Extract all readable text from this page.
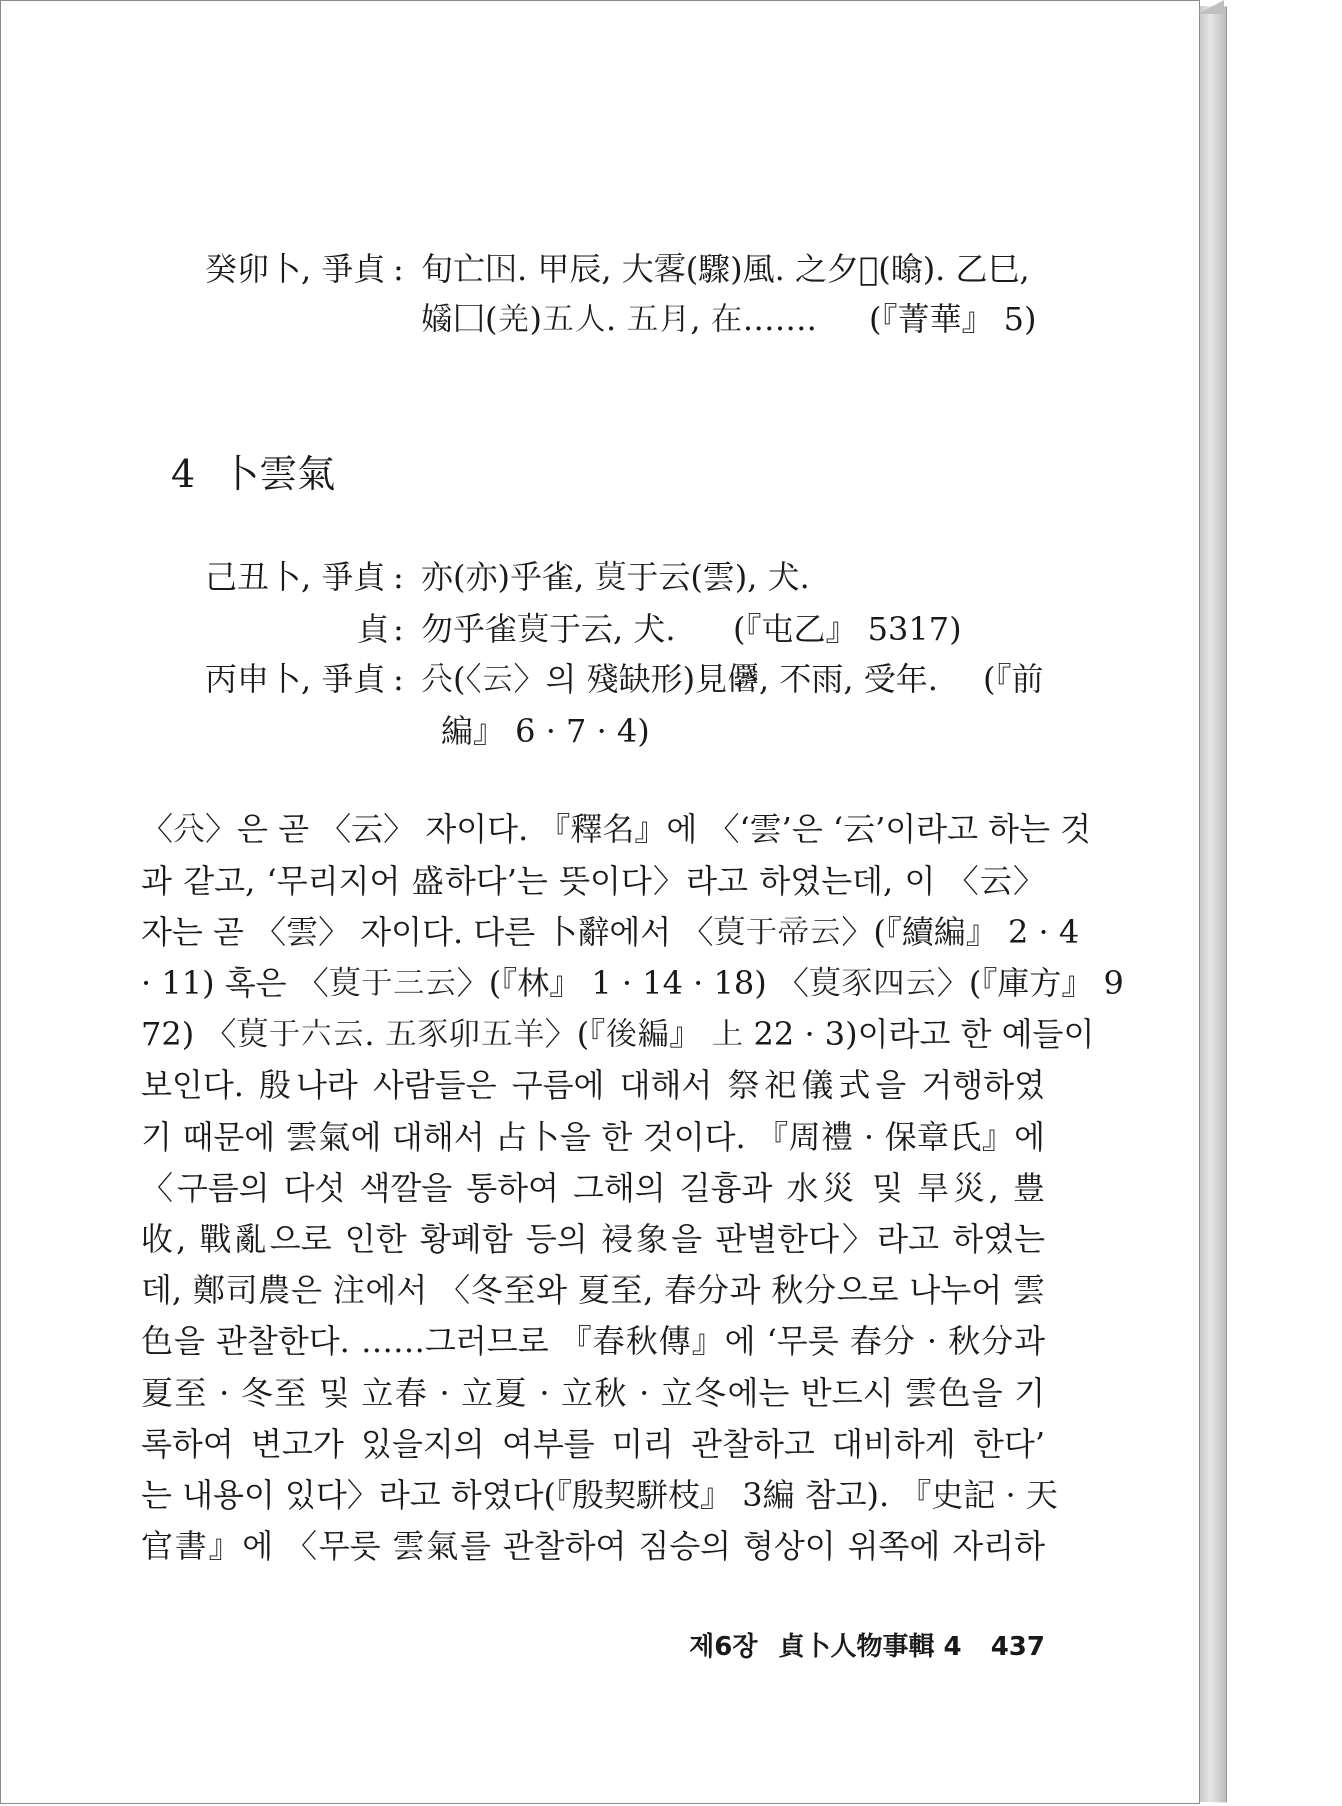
癸卯卜, 爭貞 : 旬亡𡆥. 甲辰, 大𩂣(驟)風. 之夕𡕥(㬛). 乙巳,
𡡗囗(羌)五人. 五月, 在……. (『菁華』 5)
4 卜雲氣
己丑卜, 爭貞 : 亦(亦)乎雀, 𤊾于云(雲), 犬.
貞 : 勿乎雀𤊾于云, 犬. (『屯乙』 5317)
丙申卜, 爭貞 : 𠔁(〈云〉의 殘缺形)見𠑵, 不雨, 受年. (『前
編』 6 · 7 · 4)
〈𠔁〉은 곧 〈云〉 자이다. 『釋名』에 〈‘雲’은 ‘云’이라고 하는 것
과 같고, ‘무리지어 盛하다’는 뜻이다〉라고 하였는데, 이 〈云〉
자는 곧 〈雲〉 자이다. 다른 卜辭에서 〈𤊾于帝云〉(『續編』 2 · 4
· 11) 혹은 〈𤊾于三云〉(『林』 1 · 14 · 18) 〈𤊾豕四云〉(『庫方』 9
72) 〈𤊾于六云. 五豕卯五羊〉(『後編』 上 22 · 3)이라고 한 예들이
보인다. 殷나라 사람들은 구름에 대해서 祭祀儀式을 거행하였
기 때문에 雲氣에 대해서 占卜을 한 것이다. 『周禮 · 保章氏』에
〈구름의 다섯 색깔을 통하여 그해의 길흉과 水災 및 旱災, 豊
收, 戰亂으로 인한 황폐함 등의 祲象을 판별한다〉라고 하였는
데, 鄭司農은 注에서 〈冬至와 夏至, 春分과 秋分으로 나누어 雲
色을 관찰한다. ……그러므로 『春秋傳』에 ‘무릇 春分 · 秋分과
夏至 · 冬至 및 立春 · 立夏 · 立秋 · 立冬에는 반드시 雲色을 기
록하여 변고가 있을지의 여부를 미리 관찰하고 대비하게 한다’
는 내용이 있다〉라고 하였다(『殷契駢枝』 3編 참고). 『史記 · 天
官書』에 〈무릇 雲氣를 관찰하여 짐승의 형상이 위쪽에 자리하
제6장 貞卜人物事輯 4 437
